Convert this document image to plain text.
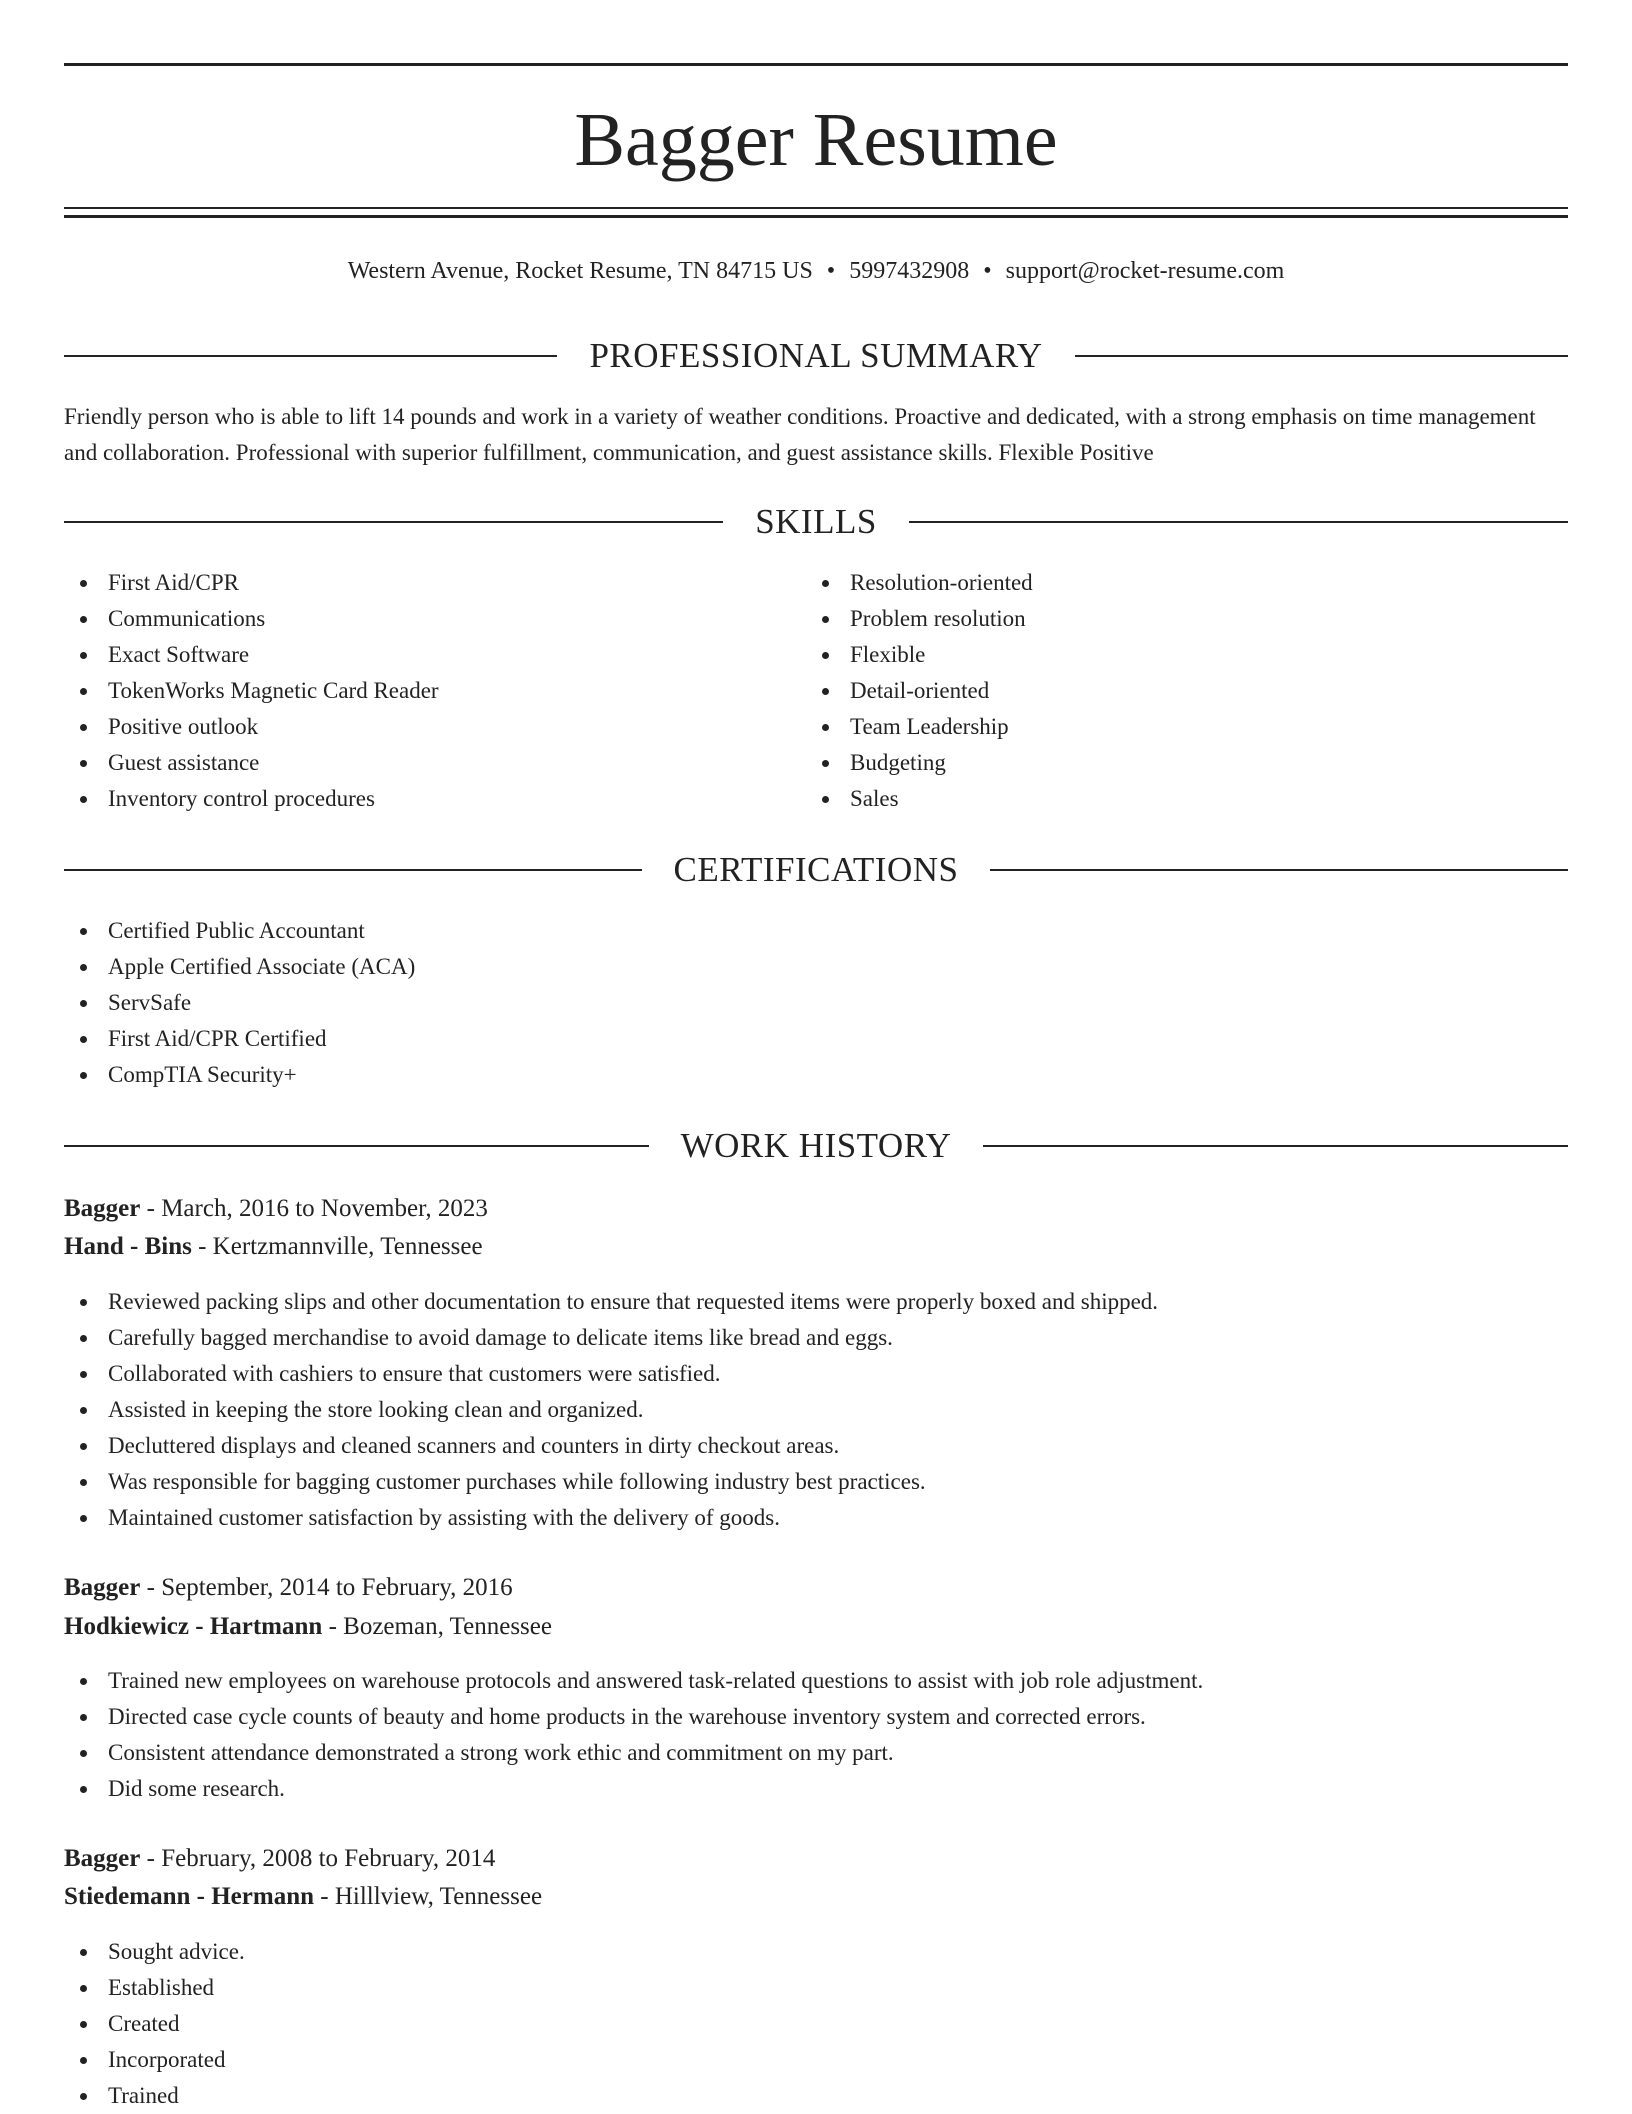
Bagger Resume
Western Avenue, Rocket Resume, TN 84715 US • 5997432908 • support@rocket-resume.com
PROFESSIONAL SUMMARY

Friendly person who is able to lift 14 pounds and work in a variety of weather conditions. Proactive and dedicated, with a strong emphasis on time management and collaboration. Professional with superior fulfillment, communication, and guest assistance skills. Flexible Positive

SKILLS
First Aid/CPR
Communications
Exact Software
TokenWorks Magnetic Card Reader
Positive outlook
Guest assistance
Inventory control procedures
Resolution-oriented
Problem resolution
Flexible
Detail-oriented
Team Leadership
Budgeting
Sales
CERTIFICATIONS
Certified Public Accountant
Apple Certified Associate (ACA)
ServSafe
First Aid/CPR Certified
CompTIA Security+
WORK HISTORY
Bagger - March, 2016 to November, 2023
Hand - Bins - Kertzmannville, Tennessee
Reviewed packing slips and other documentation to ensure that requested items were properly boxed and shipped.
Carefully bagged merchandise to avoid damage to delicate items like bread and eggs.
Collaborated with cashiers to ensure that customers were satisfied.
Assisted in keeping the store looking clean and organized.
Decluttered displays and cleaned scanners and counters in dirty checkout areas.
Was responsible for bagging customer purchases while following industry best practices.
Maintained customer satisfaction by assisting with the delivery of goods.
Bagger - September, 2014 to February, 2016
Hodkiewicz - Hartmann - Bozeman, Tennessee
Trained new employees on warehouse protocols and answered task-related questions to assist with job role adjustment.
Directed case cycle counts of beauty and home products in the warehouse inventory system and corrected errors.
Consistent attendance demonstrated a strong work ethic and commitment on my part.
Did some research.
Bagger - February, 2008 to February, 2014
Stiedemann - Hermann - Hilllview, Tennessee
Sought advice.
Established
Created
Incorporated
Trained
